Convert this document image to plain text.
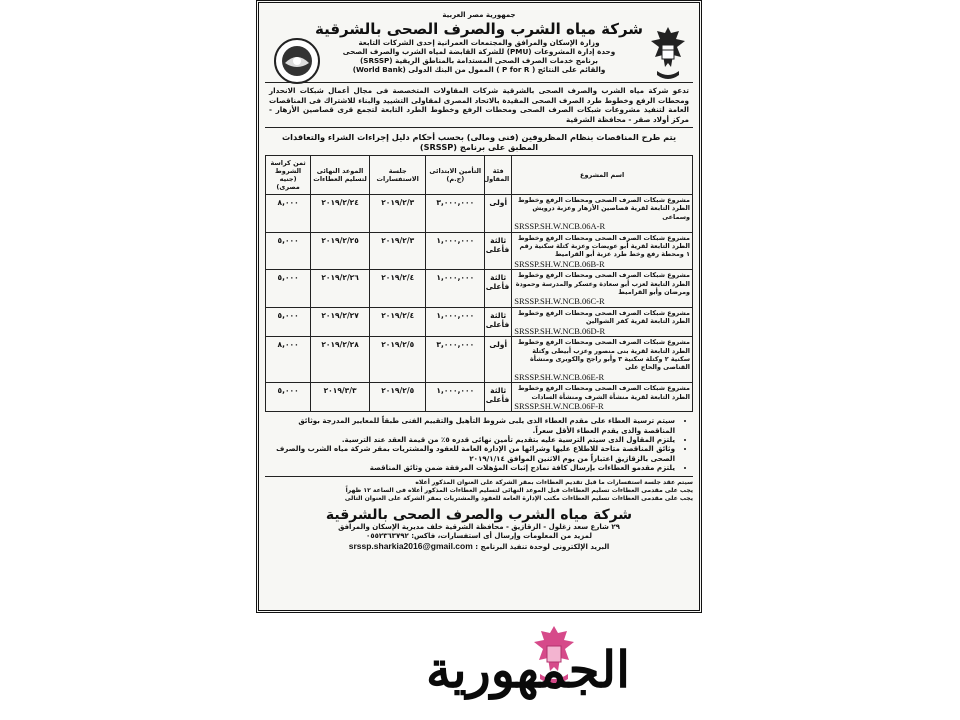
جمهورية مصر العربية
شركة مياه الشرب والصرف الصحى بالشرقية
وزارة الإسكان والمرافق والمجتمعات العمرانية إحدى الشركات التابعة
وحدة إدارة المشروعات (PMU) للشركة القابضة لمياه الشرب والصرف الصحى
برنامج خدمات الصرف الصحى المستدامة بالمناطق الريفية (SRSSP)
والقائم على النتائج ( P for R ) الممول من البنك الدولى (World Bank)
تدعو شركة مياه الشرب والصرف الصحى بالشرقية شركات المقاولات المتخصصة فى مجال أعمال شبكات الانحدار ومحطات الرفع وخطوط طرد الصرف الصحى المقيدة بالاتحاد المصرى لمقاولى التشييد والبناء للاشتراك فى المناقصات العامة لتنفيذ مشروعات شبكات الصرف الصحى ومحطات الرفع وخطوط الطرد التابعة لتجمع قرى قصاصين الأزهار - مركز أولاد صقر - محافظة الشرقية
يتم طرح المناقصات بنظام المظروفين (فنى ومالى) بحسب أحكام دليل إجراءات الشراء والتعاقدات
المطبق على برنامج (SRSSP)
اسم المشروع	فئة المقاول	التأمين الابتدائى (ج.م)	جلسة الاستفسارات	الموعد النهائى لتسليم العطاءات	ثمن كراسة الشروط (جنيه مصرى)
مشروع شبكات الصرف الصحى ومحطات الرفع وخطوط الطرد التابعة لقرية قصاصين الأزهار وعزبة درويش وسماعى
SRSSP.SH.W.NCB.06A-R	أولى	٣,٠٠٠,٠٠٠	٢٠١٩/٢/٣	٢٠١٩/٢/٢٤	٨,٠٠٠
مشروع شبكات الصرف الصحى ومحطات الرفع وخطوط الطرد التابعة لقرية أبو عويضات وعزبة كتلة سكنية رقم ١ ومحطة رفع وخط طرد عزبة أبو القراميط
SRSSP.SH.W.NCB.06B-R	ثالثة فأعلى	١,٠٠٠,٠٠٠	٢٠١٩/٢/٣	٢٠١٩/٢/٢٥	٥,٠٠٠
مشروع شبكات الصرف الصحى ومحطات الرفع وخطوط الطرد التابعة لعزب أبو سعادة وعسكر والمدرسة وحمودة ومرضان وأبو القراميط
SRSSP.SH.W.NCB.06C-R	ثالثة فأعلى	١,٠٠٠,٠٠٠	٢٠١٩/٢/٤	٢٠١٩/٢/٢٦	٥,٠٠٠
مشروع شبكات الصرف الصحى ومحطات الرفع وخطوط الطرد التابعة لقرية كفر الشوالين
SRSSP.SH.W.NCB.06D-R	ثالثة فأعلى	١,٠٠٠,٠٠٠	٢٠١٩/٢/٤	٢٠١٩/٢/٢٧	٥,٠٠٠
مشروع شبكات الصرف الصحى ومحطات الرفع وخطوط الطرد التابعة لقرية بنى منصور وعزب أبيطى وكتلة سكنية ٢ وكتلة سكنية ٣ وأبو راجح والكوبرى ومنشأة القناصى والحاج على
SRSSP.SH.W.NCB.06E-R	أولى	٣,٠٠٠,٠٠٠	٢٠١٩/٢/٥	٢٠١٩/٢/٢٨	٨,٠٠٠
مشروع شبكات الصرف الصحى ومحطات الرفع وخطوط الطرد التابعة لقرية منشأة الشرف ومنشأة السادات
SRSSP.SH.W.NCB.06F-R	ثالثة فأعلى	١,٠٠٠,٠٠٠	٢٠١٩/٢/٥	٢٠١٩/٣/٣	٥,٠٠٠
• سيتم ترسية العطاء على مقدم العطاء الذى يلبى شروط التأهيل والتقييم الفنى طبقاً للمعايير المدرجة بوثائق المناقصة والذى يقدم العطاء الأقل سعراً.
• يلتزم المقاول الذى سيتم الترسية عليه بتقديم تأمين نهائى قدره ٥٪ من قيمة العقد عند الترسية.
• وثائق المناقصة متاحة للاطلاع عليها وشرائها من الإدارة العامة للعقود والمشتريات بمقر شركة مياه الشرب والصرف الصحى بالزقازيق اعتباراً من يوم الاثنين الموافق ٢٠١٩/١/١٤
• يلتزم مقدمو العطاءات بإرسال كافة نماذج إثبات المؤهلات المرفقة ضمن وثائق المناقصة
سيتم عقد جلسة استفسارات ما قبل تقديم العطاءات بمقر الشركة على العنوان المذكور أعلاه
يجب على مقدمى العطاءات تسليم العطاءات قبل الموعد النهائى لتسليم العطاءات المذكور أعلاه فى الساعة ١٢ ظهراً
يجب على مقدمى العطاءات تسليم العطاءات مكتب الإدارة العامة للعقود والمشتريات بمقر الشركة على العنوان التالى
شركة مياه الشرب والصرف الصحى بالشرقية
٢٩ شارع سعد زغلول - الزقازيق - محافظة الشرقية خلف مديرية الإسكان والمرافق
لمزيد من المعلومات وإرسال أى استفسارات، فاكس: ٠٥٥٢٣٦٣٧٩٢
البريد الإلكترونى لوحدة تنفيذ البرنامج : srssp.sharkia2016@gmail.com
الجمهورية
